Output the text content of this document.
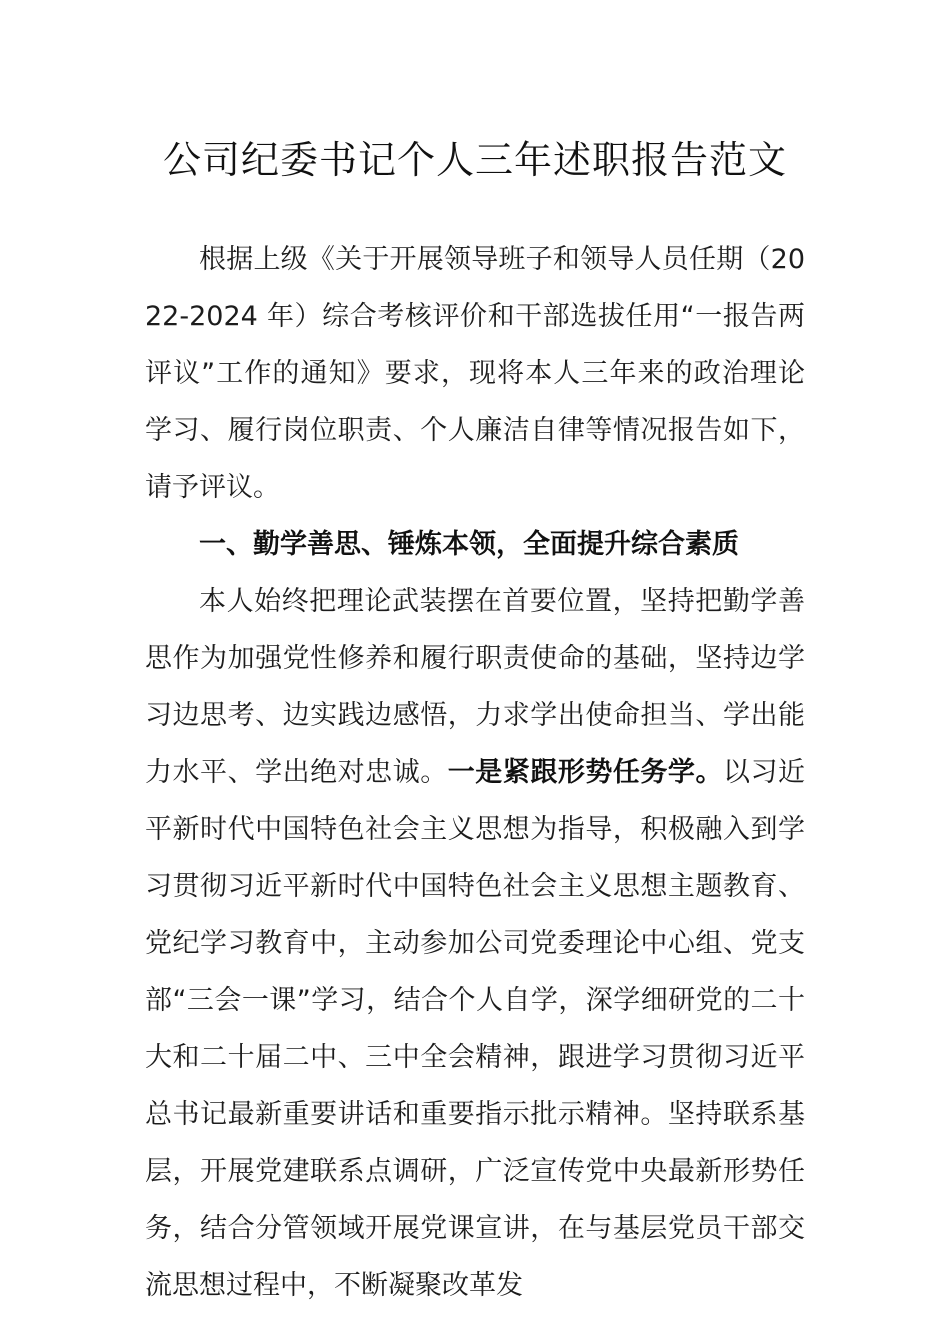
公司纪委书记个人三年述职报告范文

根据上级《关于开展领导班子和领导人员任期（2022-2024 年）综合考核评价和干部选拔任用“一报告两评议”工作的通知》要求，现将本人三年来的政治理论学习、履行岗位职责、个人廉洁自律等情况报告如下，请予评议。

一、勤学善思、锤炼本领，全面提升综合素质

本人始终把理论武装摆在首要位置，坚持把勤学善思作为加强党性修养和履行职责使命的基础，坚持边学习边思考、边实践边感悟，力求学出使命担当、学出能力水平、学出绝对忠诚。一是紧跟形势任务学。以习近平新时代中国特色社会主义思想为指导，积极融入到学习贯彻习近平新时代中国特色社会主义思想主题教育、党纪学习教育中，主动参加公司党委理论中心组、党支部“三会一课”学习，结合个人自学，深学细研党的二十大和二十届二中、三中全会精神，跟进学习贯彻习近平总书记最新重要讲话和重要指示批示精神。坚持联系基层，开展党建联系点调研，广泛宣传党中央最新形势任务，结合分管领域开展党课宣讲，在与基层党员干部交流思想过程中，不断凝聚改革发
